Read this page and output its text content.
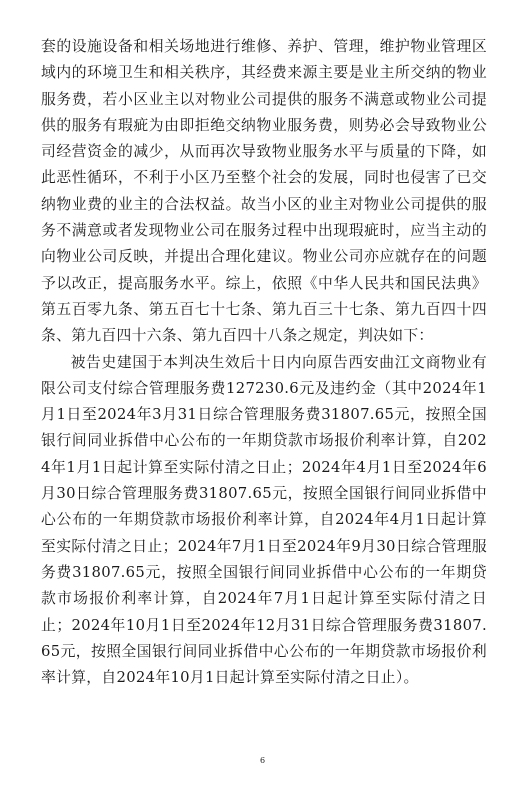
套的设施设备和相关场地进行维修、养护、管理，维护物业管理区域内的环境卫生和相关秩序，其经费来源主要是业主所交纳的物业服务费，若小区业主以对物业公司提供的服务不满意或物业公司提供的服务有瑕疵为由即拒绝交纳物业服务费，则势必会导致物业公司经营资金的减少，从而再次导致物业服务水平与质量的下降，如此恶性循环，不利于小区乃至整个社会的发展，同时也侵害了已交纳物业费的业主的合法权益。故当小区的业主对物业公司提供的服务不满意或者发现物业公司在服务过程中出现瑕疵时，应当主动的向物业公司反映，并提出合理化建议。物业公司亦应就存在的问题予以改正，提高服务水平。综上，依照《中华人民共和国民法典》第五百零九条、第五百七十七条、第九百三十七条、第九百四十四条、第九百四十六条、第九百四十八条之规定，判决如下：

被告史建国于本判决生效后十日内向原告西安曲江文商物业有限公司支付综合管理服务费127230.6元及违约金（其中2024年1月1日至2024年3月31日综合管理服务费31807.65元，按照全国银行间同业拆借中心公布的一年期贷款市场报价利率计算，自2024年1月1日起计算至实际付清之日止；2024年4月1日至2024年6月30日综合管理服务费31807.65元，按照全国银行间同业拆借中心公布的一年期贷款市场报价利率计算，自2024年4月1日起计算至实际付清之日止；2024年7月1日至2024年9月30日综合管理服务费31807.65元，按照全国银行间同业拆借中心公布的一年期贷款市场报价利率计算，自2024年7月1日起计算至实际付清之日止；2024年10月1日至2024年12月31日综合管理服务费31807.65元，按照全国银行间同业拆借中心公布的一年期贷款市场报价利率计算，自2024年10月1日起计算至实际付清之日止）。

6
